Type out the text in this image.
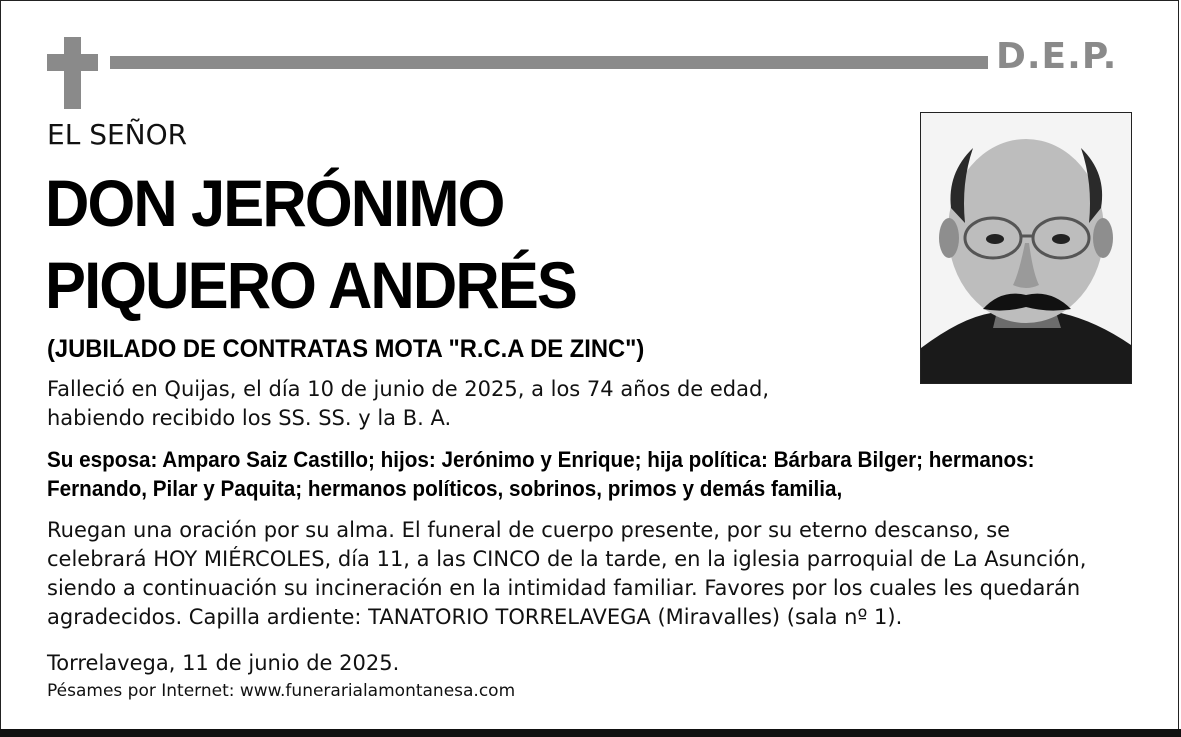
D.E.P.
EL SEÑOR
DON JERÓNIMO
PIQUERO ANDRÉS
(JUBILADO DE CONTRATAS MOTA "R.C.A DE ZINC")
Falleció en Quijas, el día 10 de junio de 2025, a los 74 años de edad,
habiendo recibido los SS. SS. y la B. A.
Su esposa: Amparo Saiz Castillo; hijos: Jerónimo y Enrique; hija política: Bárbara Bilger; hermanos:
Fernando, Pilar y Paquita; hermanos políticos, sobrinos, primos y demás familia,
Ruegan una oración por su alma. El funeral de cuerpo presente, por su eterno descanso, se
celebrará HOY MIÉRCOLES, día 11, a las CINCO de la tarde, en la iglesia parroquial de La Asunción,
siendo a continuación su incineración en la intimidad familiar. Favores por los cuales les quedarán
agradecidos. Capilla ardiente: TANATORIO TORRELAVEGA (Miravalles) (sala nº 1).
Torrelavega, 11 de junio de 2025.
Pésames por Internet: www.funerarialamontanesa.com
